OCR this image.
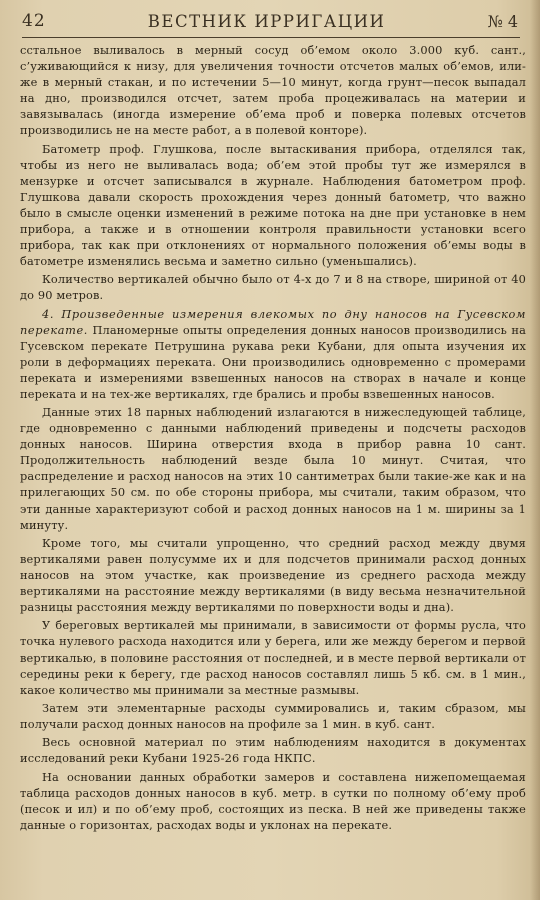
42	ВЕСТНИК ИРРИГАЦИИ	№ 4

сстальное выливалось в мерный сосуд об’емом около 3.000 куб. сант., с’уживающийся к низу, для увеличения точности отсчетов малых об’емов, или-же в мерный стакан, и по истечении 5—10 минут, когда грунт—песок выпадал на дно, производился отсчет, затем проба процеживалась на материи и завязывалась (иногда измерение об’ема проб и поверка полевых отсчетов производились не на месте работ, а в полевой конторе).

Батометр проф. Глушкова, после вытаскивания прибора, отделялся так, чтобы из него не выливалась вода; об’ем этой пробы тут же измерялся в мензурке и отсчет записывался в журнале. Наблюдения батометром проф. Глушкова давали скорость прохождения через донный батометр, что важно было в смысле оценки изменений в режиме потока на дне при установке в нем прибора, а также и в отношении контроля правильности установки всего прибора, так как при отклонениях от нормального положения об’емы воды в батометре изменялись весьма и заметно сильно (уменьшались).

Количество вертикалей обычно было от 4-х до 7 и 8 на створе, шириной от 40 до 90 метров.

4. Произведенные измерения влекомых по дну наносов на Гусевском перекате. Планомерные опыты определения донных наносов производились на Гусевском перекате Петрушина рукава реки Кубани, для опыта изучения их роли в деформациях переката. Они производились одновременно с промерами переката и измерениями взвешенных наносов на створах в начале и конце переката и на тех-же вертикалях, где брались и пробы взвешенных наносов.

Данные этих 18 парных наблюдений излагаются в нижеследующей таблице, где одновременно с данными наблюдений приведены и подсчеты расходов донных наносов. Ширина отверстия входа в прибор равна 10 сант. Продолжительность наблюдений везде была 10 минут. Считая, что распределение и расход наносов на этих 10 сантиметрах были такие-же как и на прилегающих 50 см. по обе стороны прибора, мы считали, таким образом, что эти данные характеризуют собой и расход донных наносов на 1 м. ширины за 1 минуту.

Кроме того, мы считали упрощенно, что средний расход между двумя вертикалями равен полусумме их и для подсчетов принимали расход донных наносов на этом участке, как произведение из среднего расхода между вертикалями на расстояние между вертикалями (в виду весьма незначительной разницы расстояния между вертикалями по поверхности воды и дна).

У береговых вертикалей мы принимали, в зависимости от формы русла, что точка нулевого расхода находится или у берега, или же между берегом и первой вертикалью, в половине расстояния от последней, и в месте первой вертикали от середины реки к берегу, где расход наносов составлял лишь 5 кб. см. в 1 мин., какое количество мы принимали за местные размывы.

Затем эти элементарные расходы суммировались и, таким сбразом, мы получали расход донных наносов на профиле за 1 мин. в куб. сант.

Весь основной материал по этим наблюдениям находится в документах исследований реки Кубани 1925-26 года НКПС.

На основании данных обработки замеров и составлена нижепомещаемая таблица расходов донных наносов в куб. метр. в сутки по полному об’ему проб (песок и ил) и по об’ему проб, состоящих из песка. В ней же приведены также данные о горизонтах, расходах воды и уклонах на перекате.
